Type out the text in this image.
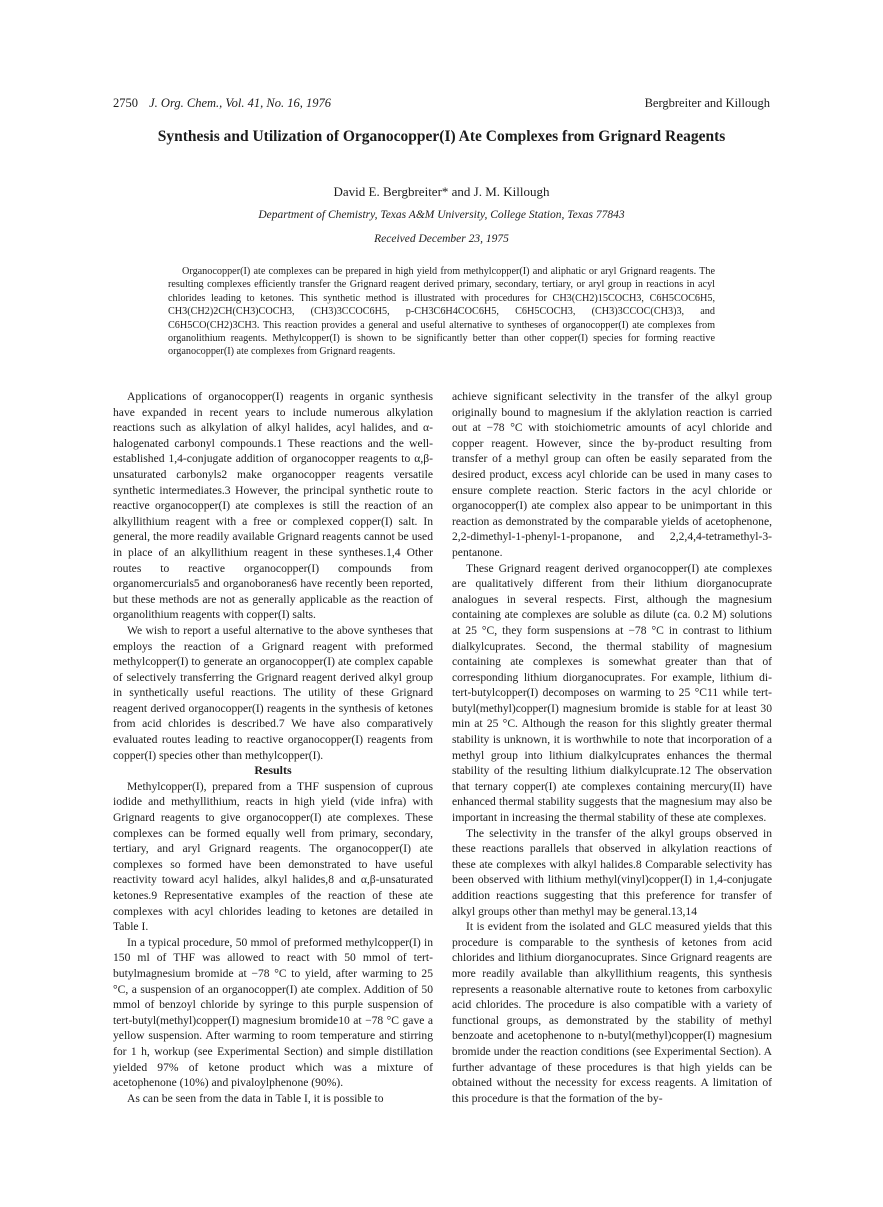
2750 J. Org. Chem., Vol. 41, No. 16, 1976	Bergbreiter and Killough
Synthesis and Utilization of Organocopper(I) Ate Complexes from Grignard Reagents
David E. Bergbreiter* and J. M. Killough
Department of Chemistry, Texas A&M University, College Station, Texas 77843
Received December 23, 1975
Organocopper(I) ate complexes can be prepared in high yield from methylcopper(I) and aliphatic or aryl Grignard reagents. The resulting complexes efficiently transfer the Grignard reagent derived primary, secondary, tertiary, or aryl group in reactions in acyl chlorides leading to ketones. This synthetic method is illustrated with procedures for CH3(CH2)15COCH3, C6H5COC6H5, CH3(CH2)2CH(CH3)COCH3, (CH3)3CCOC6H5, p-CH3C6H4COC6H5, C6H5COCH3, (CH3)3CCOC(CH3)3, and C6H5CO(CH2)3CH3. This reaction provides a general and useful alternative to syntheses of organocopper(I) ate complexes from organolithium reagents. Methylcopper(I) is shown to be significantly better than other copper(I) species for forming reactive organocopper(I) ate complexes from Grignard reagents.

Applications of organocopper(I) reagents in organic synthesis have expanded in recent years to include numerous alkylation reactions such as alkylation of alkyl halides, acyl halides, and α-halogenated carbonyl compounds.1 These reactions and the well-established 1,4-conjugate addition of organocopper reagents to α,β-unsaturated carbonyls2 make organocopper reagents versatile synthetic intermediates.3 However, the principal synthetic route to reactive organocopper(I) ate complexes is still the reaction of an alkyllithium reagent with a free or complexed copper(I) salt. In general, the more readily available Grignard reagents cannot be used in place of an alkyllithium reagent in these syntheses.1,4 Other routes to reactive organocopper(I) compounds from organomercurials5 and organoboranes6 have recently been reported, but these methods are not as generally applicable as the reaction of organolithium reagents with copper(I) salts.

We wish to report a useful alternative to the above syntheses that employs the reaction of a Grignard reagent with preformed methylcopper(I) to generate an organocopper(I) ate complex capable of selectively transferring the Grignard reagent derived alkyl group in synthetically useful reactions. The utility of these Grignard reagent derived organocopper(I) reagents in the synthesis of ketones from acid chlorides is described.7 We have also comparatively evaluated routes leading to reactive organocopper(I) reagents from copper(I) species other than methylcopper(I).

Results

Methylcopper(I), prepared from a THF suspension of cuprous iodide and methyllithium, reacts in high yield (vide infra) with Grignard reagents to give organocopper(I) ate complexes. These complexes can be formed equally well from primary, secondary, tertiary, and aryl Grignard reagents. The organocopper(I) ate complexes so formed have been demonstrated to have useful reactivity toward acyl halides, alkyl halides,8 and α,β-unsaturated ketones.9 Representative examples of the reaction of these ate complexes with acyl chlorides leading to ketones are detailed in Table I.

In a typical procedure, 50 mmol of preformed methylcopper(I) in 150 ml of THF was allowed to react with 50 mmol of tert-butylmagnesium bromide at −78 °C to yield, after warming to 25 °C, a suspension of an organocopper(I) ate complex. Addition of 50 mmol of benzoyl chloride by syringe to this purple suspension of tert-butyl(methyl)copper(I) magnesium bromide10 at −78 °C gave a yellow suspension. After warming to room temperature and stirring for 1 h, workup (see Experimental Section) and simple distillation yielded 97% of ketone product which was a mixture of acetophenone (10%) and pivaloylphenone (90%).

As can be seen from the data in Table I, it is possible to

achieve significant selectivity in the transfer of the alkyl group originally bound to magnesium if the aklylation reaction is carried out at −78 °C with stoichiometric amounts of acyl chloride and copper reagent. However, since the by-product resulting from transfer of a methyl group can often be easily separated from the desired product, excess acyl chloride can be used in many cases to ensure complete reaction. Steric factors in the acyl chloride or organocopper(I) ate complex also appear to be unimportant in this reaction as demonstrated by the comparable yields of acetophenone, 2,2-dimethyl-1-phenyl-1-propanone, and 2,2,4,4-tetramethyl-3-pentanone.

These Grignard reagent derived organocopper(I) ate complexes are qualitatively different from their lithium diorganocuprate analogues in several respects. First, although the magnesium containing ate complexes are soluble as dilute (ca. 0.2 M) solutions at 25 °C, they form suspensions at −78 °C in contrast to lithium dialkylcuprates. Second, the thermal stability of magnesium containing ate complexes is somewhat greater than that of corresponding lithium diorganocuprates. For example, lithium di-tert-butylcopper(I) decomposes on warming to 25 °C11 while tert-butyl(methyl)copper(I) magnesium bromide is stable for at least 30 min at 25 °C. Although the reason for this slightly greater thermal stability is unknown, it is worthwhile to note that incorporation of a methyl group into lithium dialkylcuprates enhances the thermal stability of the resulting lithium dialkylcuprate.12 The observation that ternary copper(I) ate complexes containing mercury(II) have enhanced thermal stability suggests that the magnesium may also be important in increasing the thermal stability of these ate complexes.

The selectivity in the transfer of the alkyl groups observed in these reactions parallels that observed in alkylation reactions of these ate complexes with alkyl halides.8 Comparable selectivity has been observed with lithium methyl(vinyl)copper(I) in 1,4-conjugate addition reactions suggesting that this preference for transfer of alkyl groups other than methyl may be general.13,14

It is evident from the isolated and GLC measured yields that this procedure is comparable to the synthesis of ketones from acid chlorides and lithium diorganocuprates. Since Grignard reagents are more readily available than alkyllithium reagents, this synthesis represents a reasonable alternative route to ketones from carboxylic acid chlorides. The procedure is also compatible with a variety of functional groups, as demonstrated by the stability of methyl benzoate and acetophenone to n-butyl(methyl)copper(I) magnesium bromide under the reaction conditions (see Experimental Section). A further advantage of these procedures is that high yields can be obtained without the necessity for excess reagents. A limitation of this procedure is that the formation of the by-
